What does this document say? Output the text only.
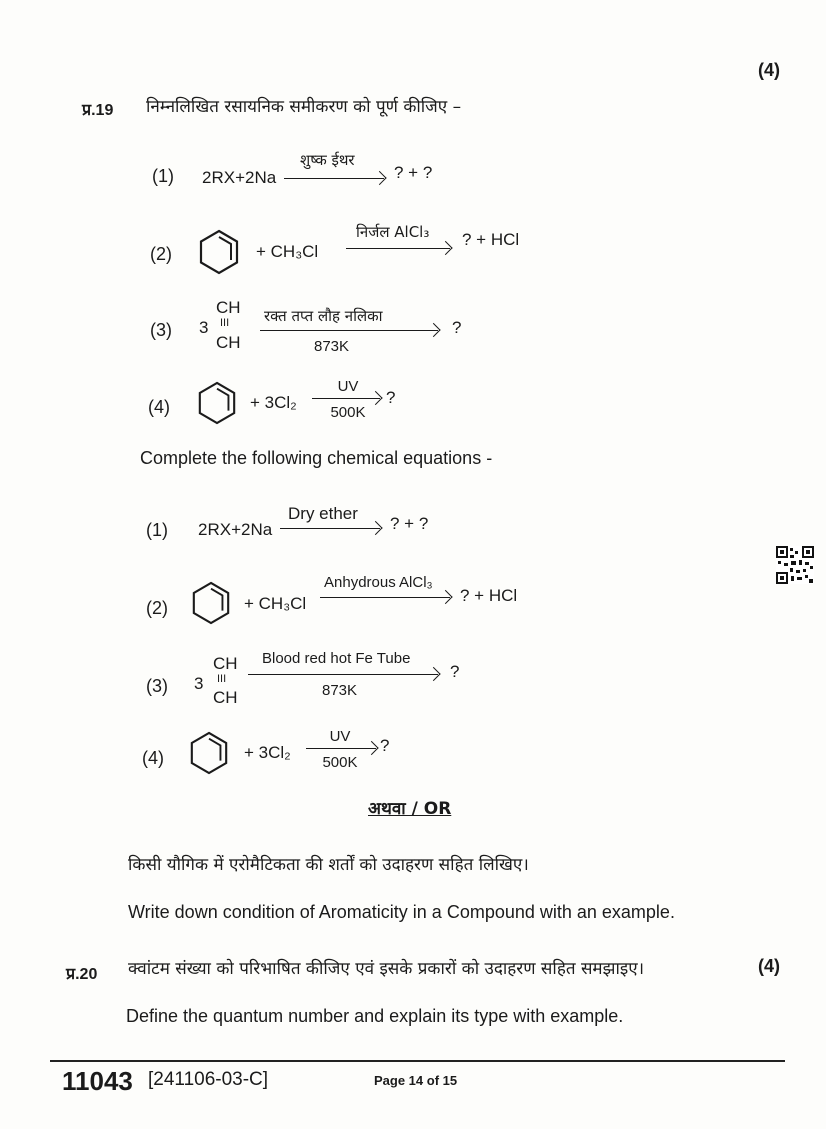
(4)
प्र.19 निम्नलिखित रसायनिक समीकरण को पूर्ण कीजिए –
(1) 2RX+2Na
शुष्क ईथर
? + ?
(2)	+ CH₃Cl
निर्जल AlCl₃ ? + HCl
(3) 3
CH
III
CH
रक्त तप्त लौह नलिका
873K
?
(4)	+ 3Cl₂
UV
500K
?
Complete the following chemical equations -
(1) 2RX+2Na
Dry ether
? + ?
(2)	+ CH₃Cl
Anhydrous AlCl₃
? + HCl
(3) 3
CH
III
CH
Blood red hot Fe Tube
873K
?
(4)	+ 3Cl₂
UV
500K
?
अथवा / OR
किसी यौगिक में एरोमैटिकता की शर्तों को उदाहरण सहित लिखिए।
Write down condition of Aromaticity in a Compound with an example.
प्र.20 क्वांटम संख्या को परिभाषित कीजिए एवं इसके प्रकारों को उदाहरण सहित समझाइए।	(4)
Define the quantum number and explain its type with example.
11043 [241106-03-C]	Page 14 of 15
